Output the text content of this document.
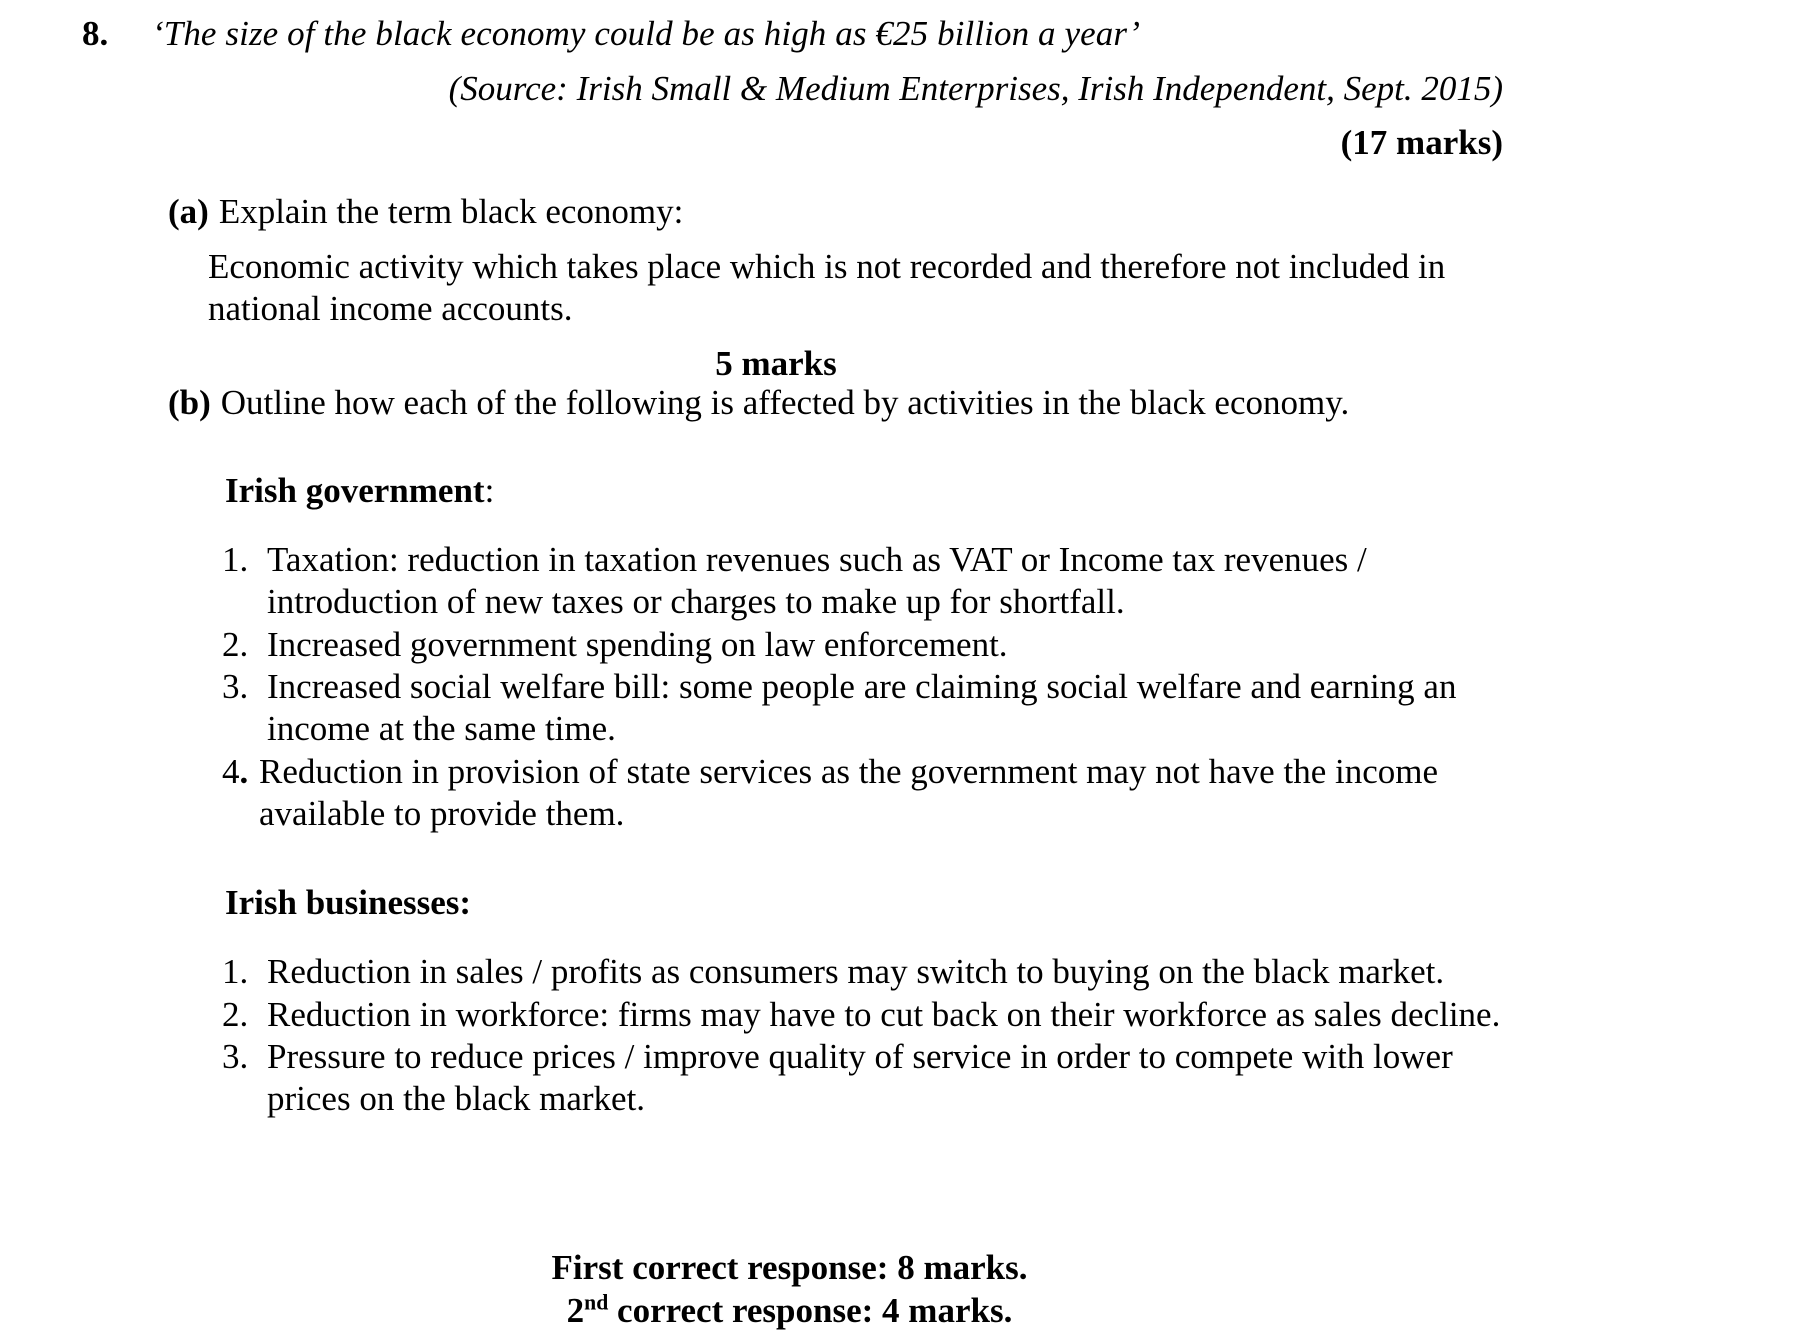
8.	‘The size of the black economy could be as high as €25 billion a year’
(Source: Irish Small & Medium Enterprises, Irish Independent, Sept. 2015)
(17 marks)
(a) Explain the term black economy:
Economic activity which takes place which is not recorded and therefore not included in national income accounts.
5 marks
(b) Outline how each of the following is affected by activities in the black economy.
Irish government:
1. Taxation: reduction in taxation revenues such as VAT or Income tax revenues / introduction of new taxes or charges to make up for shortfall.
2. Increased government spending on law enforcement.
3. Increased social welfare bill: some people are claiming social welfare and earning an income at the same time.
4. Reduction in provision of state services as the government may not have the income available to provide them.
Irish businesses:
1. Reduction in sales / profits as consumers may switch to buying on the black market.
2. Reduction in workforce: firms may have to cut back on their workforce as sales decline.
3. Pressure to reduce prices / improve quality of service in order to compete with lower prices on the black market.
First correct response: 8 marks.
2nd correct response: 4 marks.
